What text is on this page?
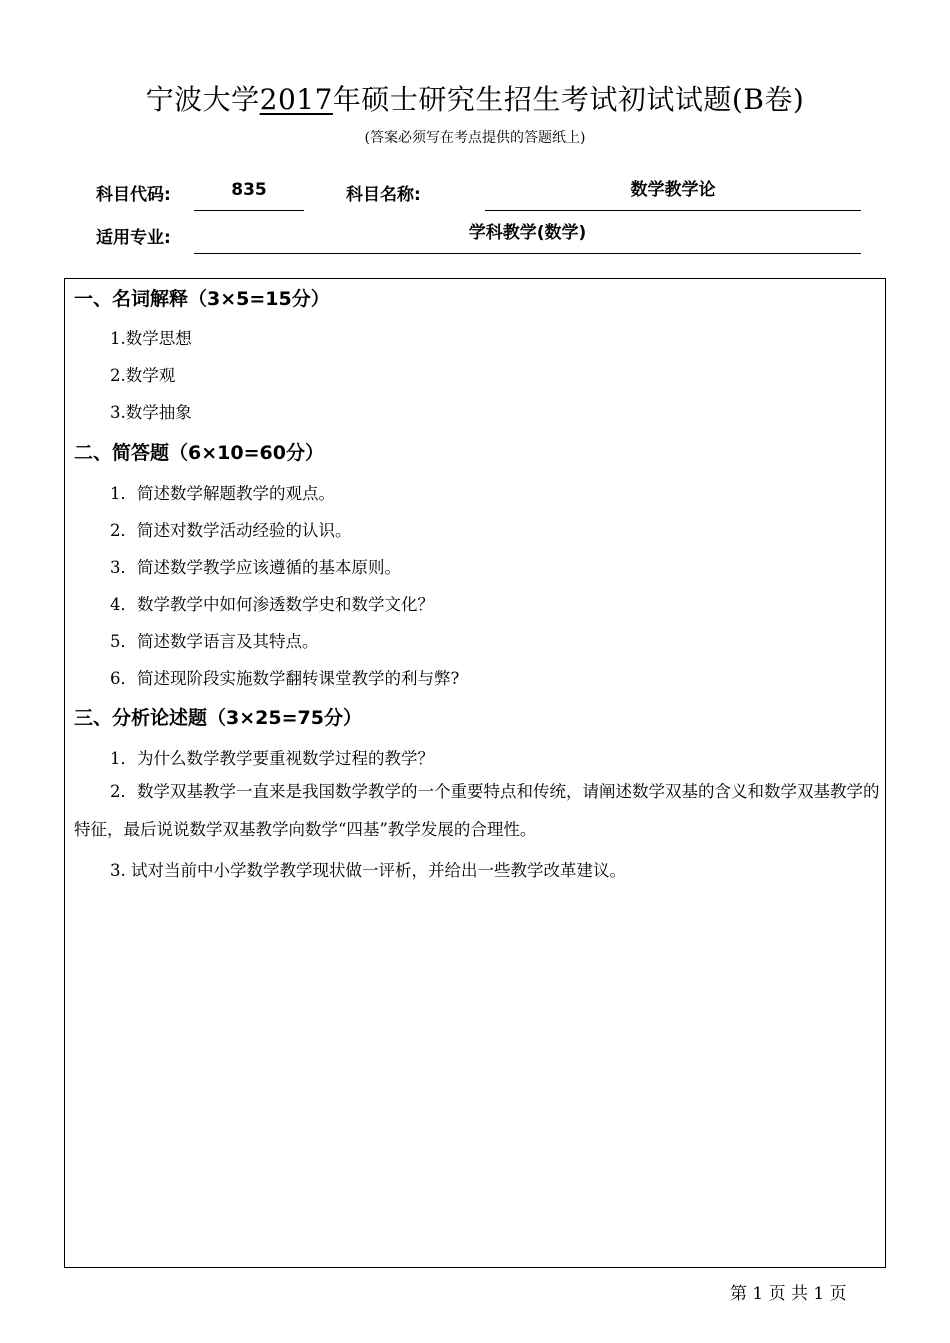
宁波大学2017年硕士研究生招生考试初试试题(B卷)
(答案必须写在考点提供的答题纸上)
科目代码:	835	科目名称:	数学教学论
适用专业:	学科教学(数学)
一、名词解释（3×5=15分）
1.数学思想
2.数学观
3.数学抽象
二、简答题（6×10=60分）
1．简述数学解题教学的观点。
2．简述对数学活动经验的认识。
3．简述数学教学应该遵循的基本原则。
4．数学教学中如何渗透数学史和数学文化？
5．简述数学语言及其特点。
6．简述现阶段实施数学翻转课堂教学的利与弊?
三、分析论述题（3×25=75分）
1．为什么数学教学要重视数学过程的教学？
2．数学双基教学一直来是我国数学教学的一个重要特点和传统，请阐述数学双基的含义和数学双基教学的特征，最后说说数学双基教学向数学“四基”教学发展的合理性。
3. 试对当前中小学数学教学现状做一评析，并给出一些教学改革建议。
第 1 页 共 1 页
